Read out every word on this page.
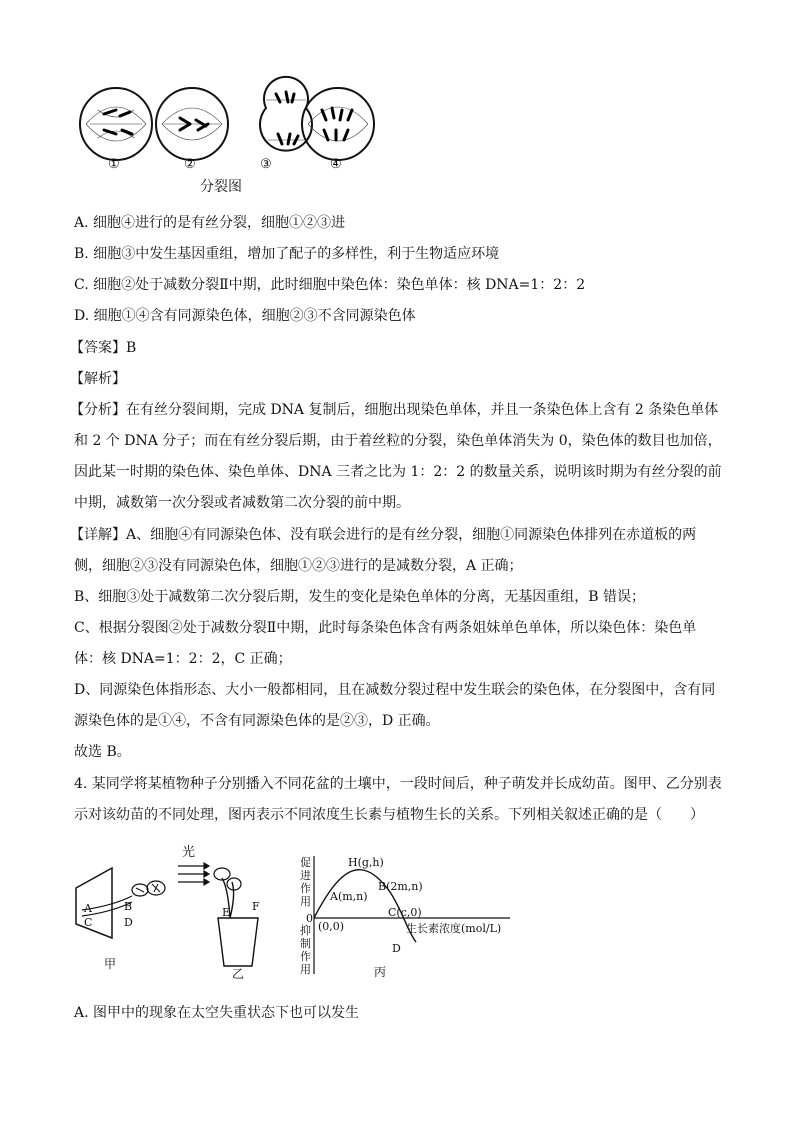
①	②	③	④
分裂图
A. 细胞④进行的是有丝分裂，细胞①②③进
B. 细胞③中发生基因重组，增加了配子的多样性，利于生物适应环境
C. 细胞②处于减数分裂Ⅱ中期，此时细胞中染色体：染色单体：核 DNA=1：2：2
D. 细胞①④含有同源染色体，细胞②③不含同源染色体
【答案】B
【解析】
【分析】在有丝分裂间期，完成 DNA 复制后，细胞出现染色单体，并且一条染色体上含有 2 条染色单体
和 2 个 DNA 分子；而在有丝分裂后期，由于着丝粒的分裂，染色单体消失为 0，染色体的数目也加倍，
因此某一时期的染色体、染色单体、DNA 三者之比为 1：2：2 的数量关系，说明该时期为有丝分裂的前
中期，减数第一次分裂或者减数第二次分裂的前中期。
【详解】A、细胞④有同源染色体、没有联会进行的是有丝分裂，细胞①同源染色体排列在赤道板的两
侧，细胞②③没有同源染色体，细胞①②③进行的是减数分裂，A 正确；
B、细胞③处于减数第二次分裂后期，发生的变化是染色单体的分离，无基因重组，B 错误；
C、根据分裂图②处于减数分裂Ⅱ中期，此时每条染色体含有两条姐妹单色单体，所以染色体：染色单
体：核 DNA=1：2：2，C 正确；
D、同源染色体指形态、大小一般都相同，且在减数分裂过程中发生联会的染色体，在分裂图中，含有同
源染色体的是①④，不含有同源染色体的是②③，D 正确。
故选 B。
4. 某同学将某植物种子分别播入不同花盆的土壤中，一段时间后，种子萌发并长成幼苗。图甲、乙分别表
示对该幼苗的不同处理，图丙表示不同浓度生长素与植物生长的关系。下列相关叙述正确的是（　　）
A	B
C	D
甲
光
E F
乙
0
H(g,h)
A(m,n)
B(2m,n)
C(c,0)
D
(0,0)	生长素浓度(mol/L)
丙
促进作用
抑制作用
A. 图甲中的现象在太空失重状态下也可以发生
